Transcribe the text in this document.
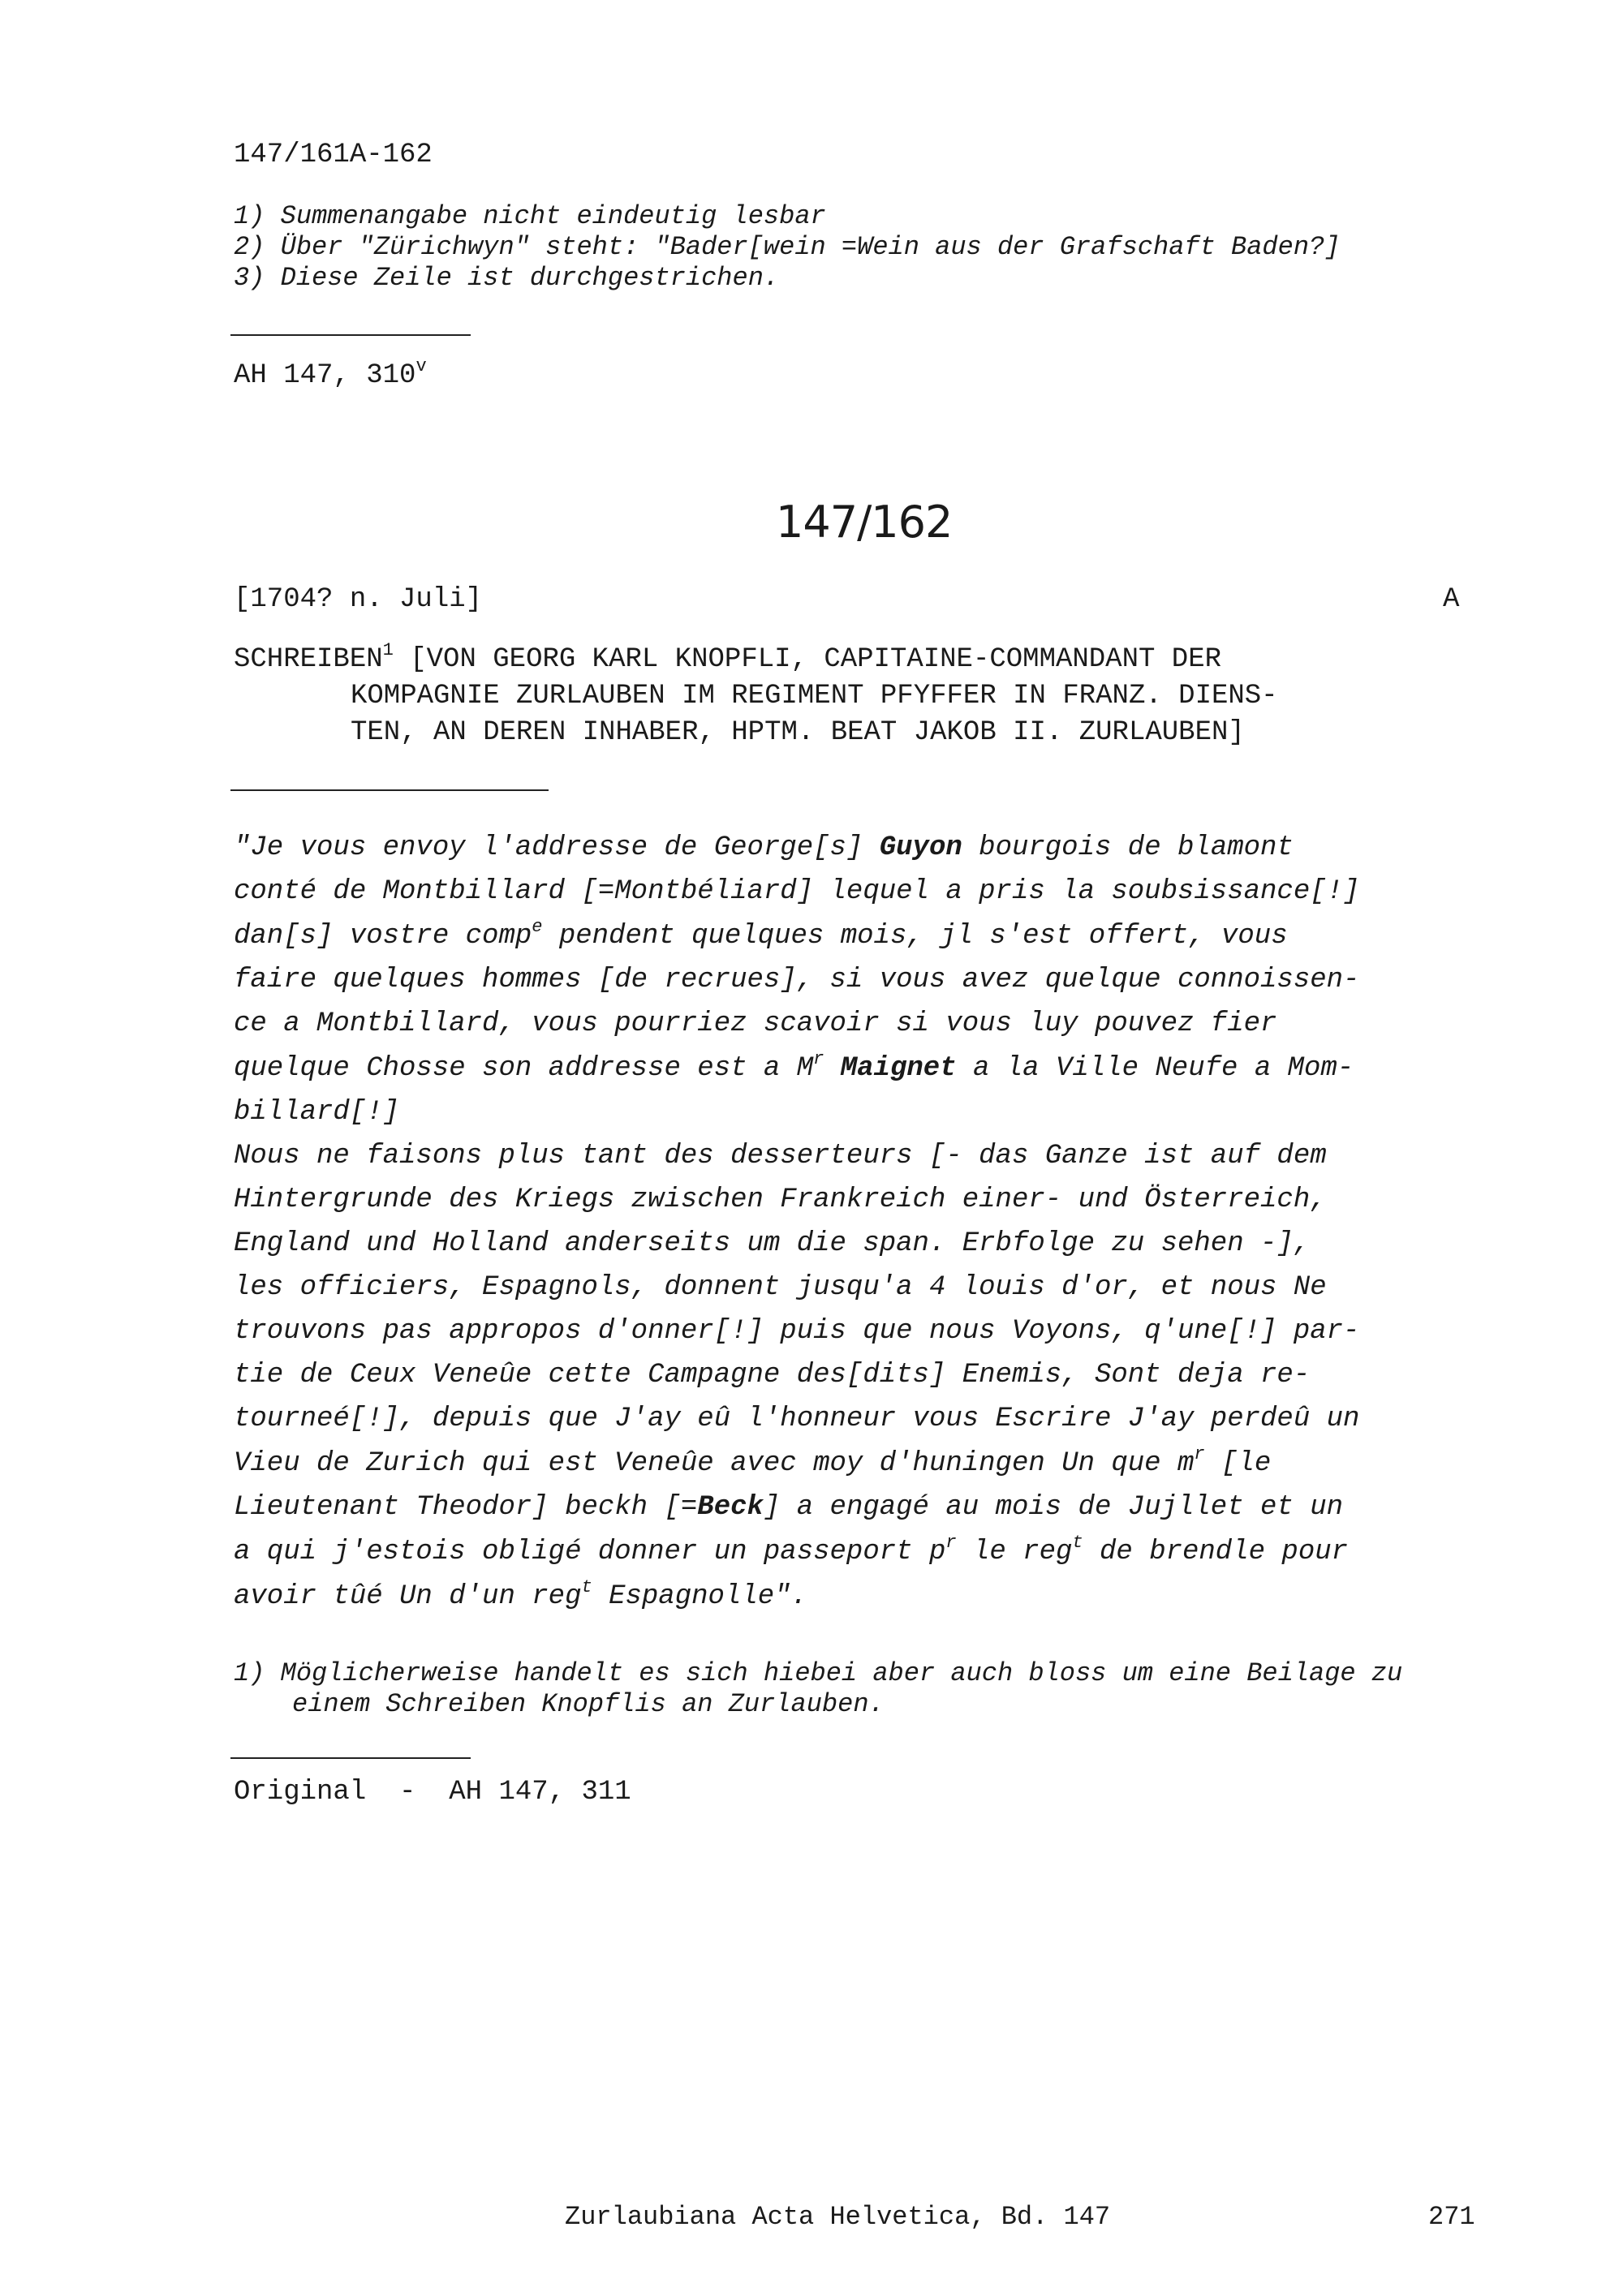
147/161A-162
1) Summenangabe nicht eindeutig lesbar
2) Über "Zürichwyn" steht: "Bader[wein =Wein aus der Grafschaft Baden?]
3) Diese Zeile ist durchgestrichen.
AH 147, 310$^v$
147/162
[1704? n. Juli]	A
SCHREIBEN$^1$ [VON GEORG KARL KNOPFLI, CAPITAINE-COMMANDANT DER
KOMPAGNIE ZURLAUBEN IM REGIMENT PFYFFER IN FRANZ. DIENS-
TEN, AN DEREN INHABER, HPTM. BEAT JAKOB II. ZURLAUBEN]
"Je vous envoy l'addresse de George[s] Guyon bourgois de blamont
conté de Montbillard [=Montbéliard] lequel a pris la soubsissance[!]
dan[s] vostre comp$^e$ pendent quelques mois, jl s'est offert, vous
faire quelques hommes [de recrues], si vous avez quelque connoissen-
ce a Montbillard, vous pourriez scavoir si vous luy pouvez fier
quelque Chosse son addresse est a $M^r$ Maignet a la Ville Neufe a Mom-
billard[!]
Nous ne faisons plus tant des desserteurs [- das Ganze ist auf dem
Hintergrunde des Kriegs zwischen Frankreich einer- und Österreich,
England und Holland anderseits um die span. Erbfolge zu sehen -],
les officiers, Espagnols, donnent jusqu'a 4 louis d'or, et nous Ne
trouvons pas appropos d'onner[!] puis que nous Voyons, q'une[!] par-
tie de Ceux Veneûe cette Campagne des[dits] Enemis, Sont deja re-
tourneé[!], depuis que J'ay eû l'honneur vous Escrire J'ay perdeû un
Vieu de Zurich qui est Veneûe avec moy d'huningen Un que $m^r$ [le
Lieutenant Theodor] beckh [=Beck] a engagé au mois de Jujllet et un
a qui j'estois obligé donner un passeport $p^r$ le reg$^t$ de brendle pour
avoir tûé Un d'un reg$^t$ Espagnolle".
1) Möglicherweise handelt es sich hiebei aber auch bloss um eine Beilage zu
einem Schreiben Knopflis an Zurlauben.
Original  -  AH 147, 311
Zurlaubiana Acta Helvetica, Bd. 147	271
